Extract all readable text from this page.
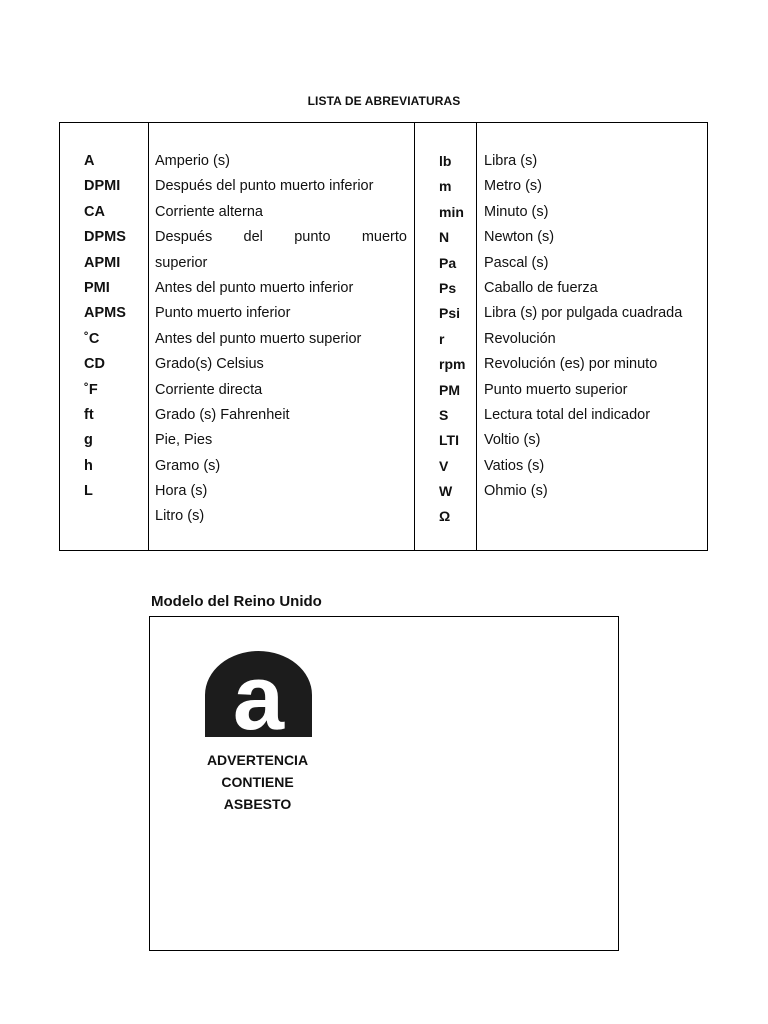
LISTA DE ABREVIATURAS
A
DPMI
CA
DPMS
APMI
PMI
APMS
˚C
CD
˚F
ft
g
h
L
Amperio (s)
Después del punto muerto inferior
Corriente alterna
Después del punto muerto
superior
Antes del punto muerto inferior
Punto muerto inferior
Antes del punto muerto superior
Grado(s) Celsius
Corriente directa
Grado (s) Fahrenheit
Pie, Pies
Gramo (s)
Hora (s)
Litro (s)
lb
m
min
N
Pa
Ps
Psi
r
rpm
PM
S
LTI
V
W
Ω
Libra (s)
Metro (s)
Minuto (s)
Newton (s)
Pascal (s)
Caballo de fuerza
Libra (s) por pulgada cuadrada
Revolución
Revolución (es) por minuto
Punto muerto superior
Lectura total del indicador
Voltio (s)
Vatios (s)
Ohmio (s)
Modelo del Reino Unido
a
ADVERTENCIA
CONTIENE
ASBESTO
